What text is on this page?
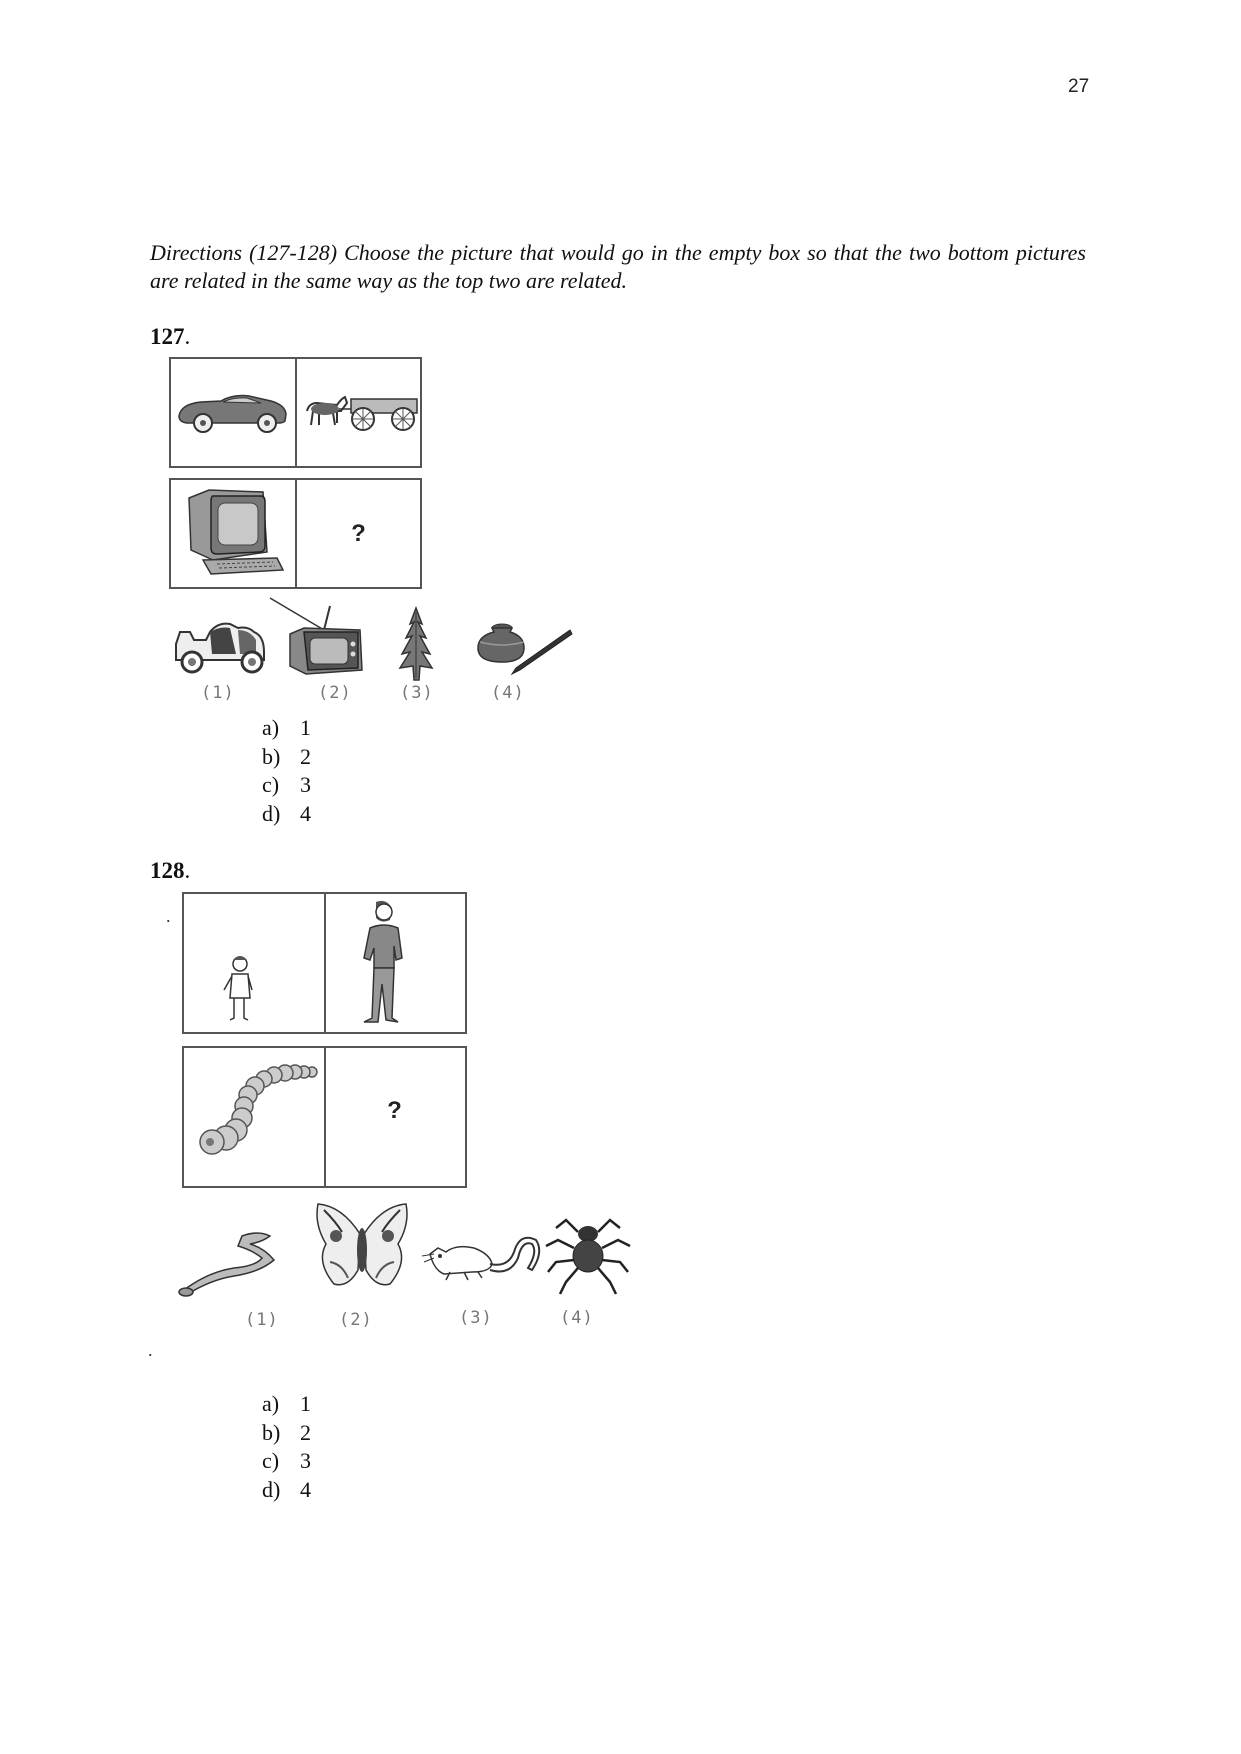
27
Directions (127-128) Choose the picture that would go in the empty box so that the two bottom pictures are related in the same way as the top two are related.
127.
?
(1)	(2)	(3)	(4)
a) 1
b) 2
c) 3
d) 4
128.
.
?
(1)	(2)	(3)	(4)
.
a) 1
b) 2
c) 3
d) 4
